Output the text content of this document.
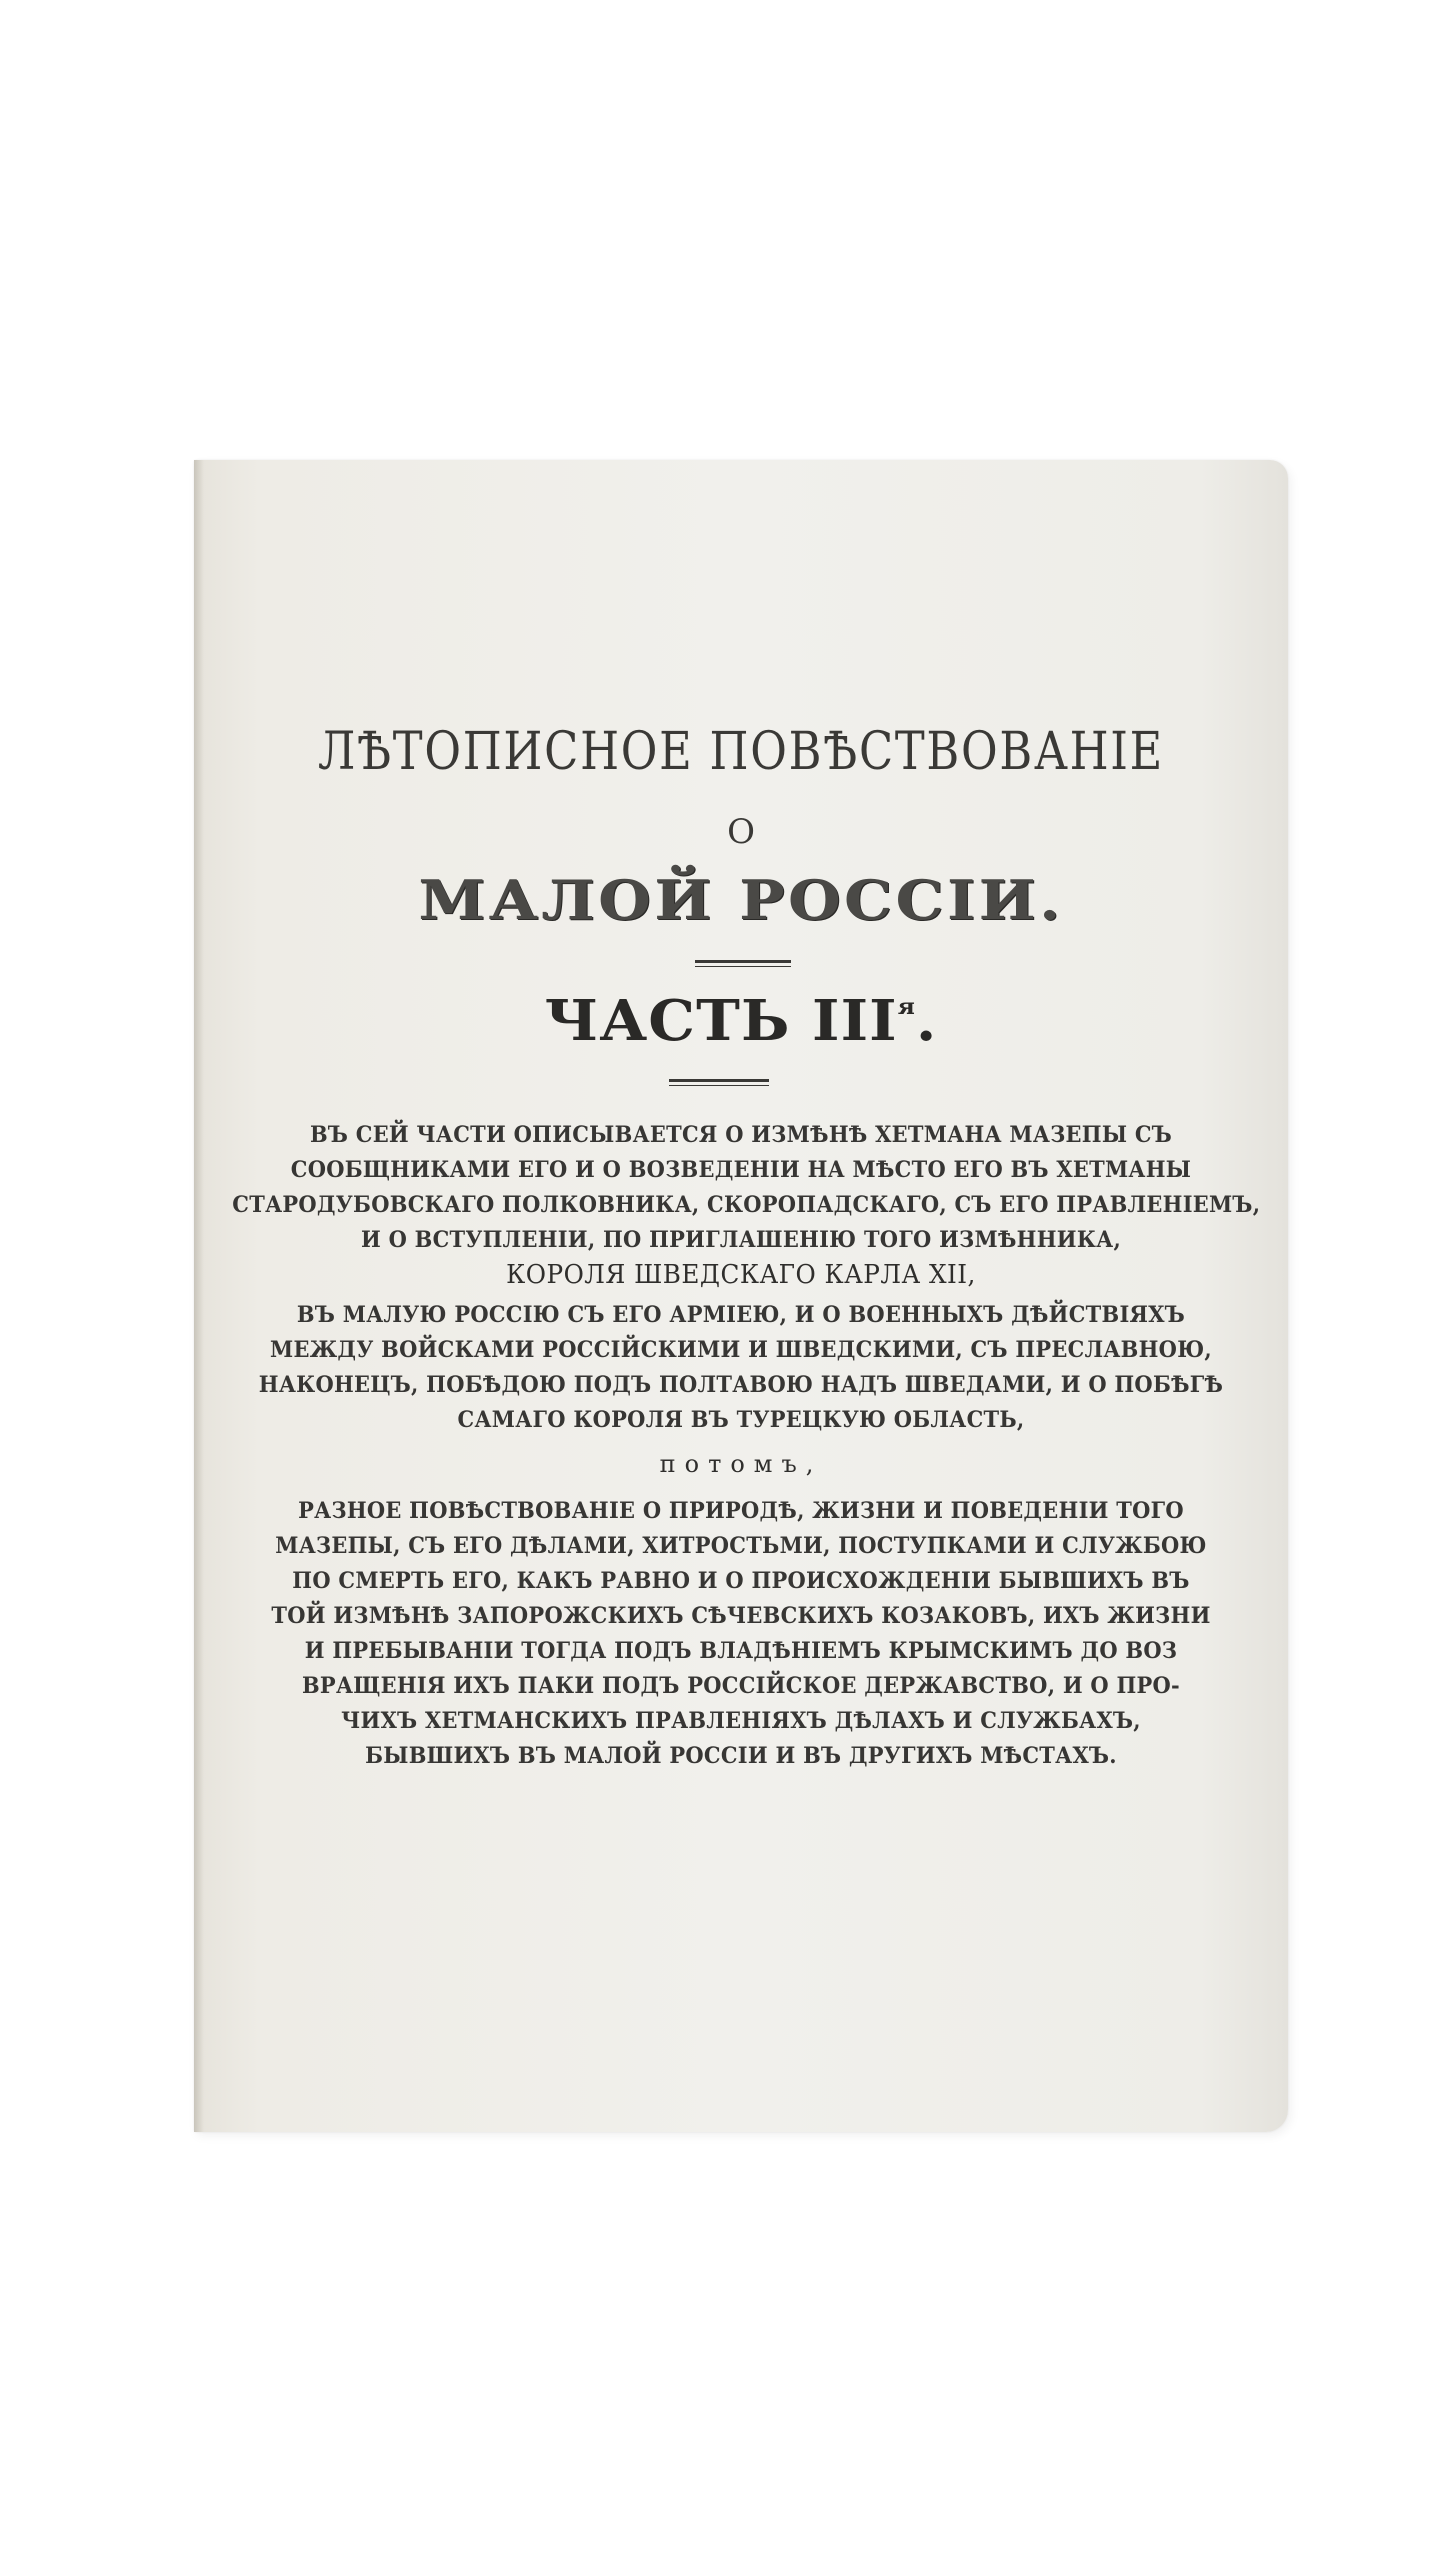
ЛѢТОПИСНОЕ ПОВѢСТВОВАНІЕ
О
МАЛОЙ РОССІИ.
ЧАСТЬ $III^я$.
ВЪ СЕЙ ЧАСТИ ОПИСЫВАЕТСЯ О ИЗМѢНѢ ХЕТМАНА МАЗЕПЫ СЪ
СООБЩНИКАМИ ЕГО И О ВОЗВЕДЕНІИ НА МѢСТО ЕГО ВЪ ХЕТМАНЫ
СТАРОДУБОВСКАГО ПОЛКОВНИКА, СКОРОПАДСКАГО, СЪ ЕГО ПРАВЛЕНІЕМЪ,
И О ВСТУПЛЕНІИ, ПО ПРИГЛАШЕНІЮ ТОГО ИЗМѢННИКА,
КОРОЛЯ ШВЕДСКАГО КАРЛА XII,
ВЪ МАЛУЮ РОССІЮ СЪ ЕГО АРМІЕЮ, И О ВОЕННЫХЪ ДѢЙСТВІЯХЪ
МЕЖДУ ВОЙСКАМИ РОССІЙСКИМИ И ШВЕДСКИМИ, СЪ ПРЕСЛАВНОЮ,
НАКОНЕЦЪ, ПОБѢДОЮ ПОДЪ ПОЛТАВОЮ НАДЪ ШВЕДАМИ, И О ПОБѢГѢ
САМАГО КОРОЛЯ ВЪ ТУРЕЦКУЮ ОБЛАСТЬ,
потомъ,
РАЗНОЕ ПОВѢСТВОВАНІЕ О ПРИРОДѢ, ЖИЗНИ И ПОВЕДЕНІИ ТОГО
МАЗЕПЫ, СЪ ЕГО ДѢЛАМИ, ХИТРОСТЬМИ, ПОСТУПКАМИ И СЛУЖБОЮ
ПО СМЕРТЬ ЕГО, КАКЪ РАВНО И О ПРОИСХОЖДЕНІИ БЫВШИХЪ ВЪ
ТОЙ ИЗМѢНѢ ЗАПОРОЖСКИХЪ СѢЧЕВСКИХЪ КОЗАКОВЪ, ИХЪ ЖИЗНИ
И ПРЕБЫВАНІИ ТОГДА ПОДЪ ВЛАДѢНІЕМЪ КРЫМСКИМЪ ДО ВОЗ
ВРАЩЕНІЯ ИХЪ ПАКИ ПОДЪ РОССІЙСКОЕ ДЕРЖАВСТВО, И О ПРО-
ЧИХЪ ХЕТМАНСКИХЪ ПРАВЛЕНІЯХЪ ДѢЛАХЪ И СЛУЖБАХЪ,
БЫВШИХЪ ВЪ МАЛОЙ РОССІИ И ВЪ ДРУГИХЪ МѢСТАХЪ.
